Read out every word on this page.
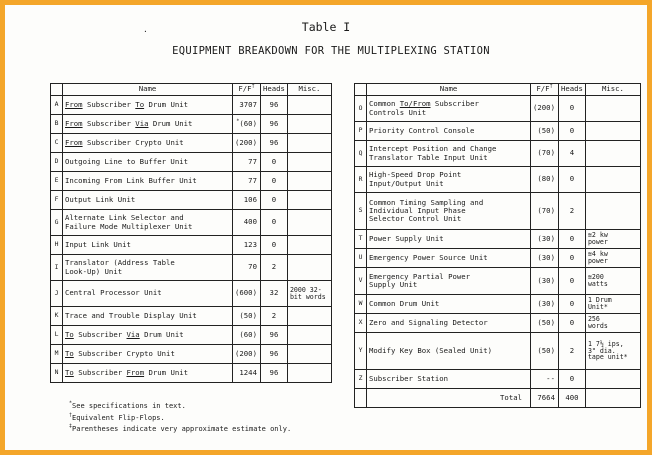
.	Table I
EQUIPMENT BREAKDOWN FOR THE MULTIPLEXING STATION
	Name	F/F†	Heads	Misc.
A	From Subscriber To Drum Unit	3707	96	
B	From Subscriber Via Drum Unit	*(60)	96	
C	From Subscriber Crypto Unit	(200)	96	
D	Outgoing Line to Buffer Unit	77	0	
E	Incoming From Link Buffer Unit	77	0	
F	Output Link Unit	106	0	
G	Alternate Link Selector and
Failure Mode Multiplexer Unit	400	0	
H	Input Link Unit	123	0	
I	Translator (Address Table
Look-Up) Unit	70	2	
J	Central Processor Unit	(600)	32	2000 32-
bit words
K	Trace and Trouble Display Unit	(50)	2	
L	To Subscriber Via Drum Unit	(60)	96	
M	To Subscriber Crypto Unit	(200)	96	
N	To Subscriber From Drum Unit	1244	96	
	Name	F/F†	Heads	Misc.
O	Common To/From Subscriber
Controls Unit	(200)	0	
P	Priority Control Console	(50)	0	
Q	Intercept Position and Change
Translator Table Input Unit	(70)	4	
R	High-Speed Drop Point
Input/Output Unit	(80)	0	
S	Common Timing Sampling and
Individual Input Phase
Selector Control Unit	(70)	2	
T	Power Supply Unit	(30)	0	≅2 kw
power
U	Emergency Power Source Unit	(30)	0	≅4 kw
power
V	Emergency Partial Power
Supply Unit	(30)	0	≅200
watts
W	Common Drum Unit	(30)	0	1 Drum
Unit*
X	Zero and Signaling Detector	(50)	0	256
words
Y	Modify Key Box (Sealed Unit)	(50)	2	1 7½ ips,
3" dia.
tape unit*
Z	Subscriber Station	--	0	
	Total	7664	400	
*See specifications in text.
†Equivalent Flip-Flops.
‡Parentheses indicate very approximate estimate only.
